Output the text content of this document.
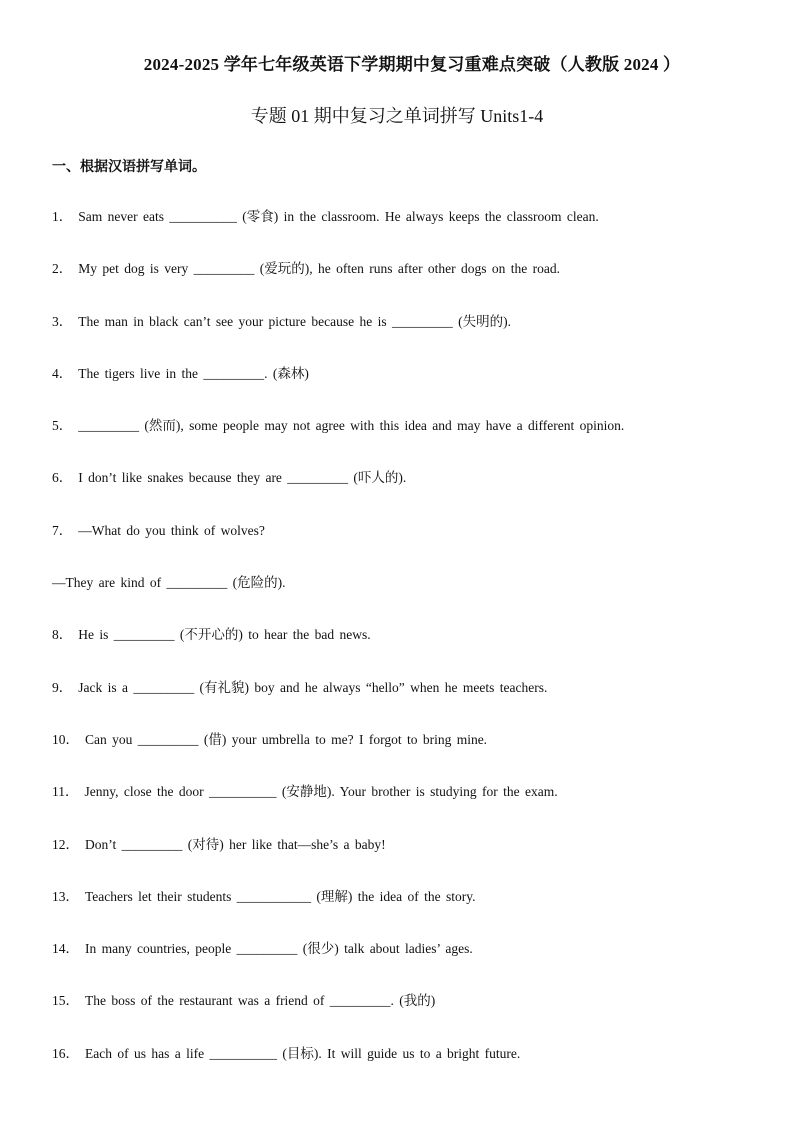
2024-2025 学年七年级英语下学期期中复习重难点突破（人教版 2024 ）
专题 01 期中复习之单词拼写 Units1-4
一、根据汉语拼写单词。
1． Sam never eats __________ (零食) in the classroom. He always keeps the classroom clean.
2． My pet dog is very _________ (爱玩的), he often runs after other dogs on the road.
3． The man in black can’t see your picture because he is _________ (失明的).
4． The tigers live in the _________. (森林)
5． _________ (然而), some people may not agree with this idea and may have a different opinion.
6． I don’t like snakes because they are _________ (吓人的).
7． —What do you think of wolves?
—They are kind of _________ (危险的).
8． He is _________ (不开心的) to hear the bad news.
9． Jack is a _________ (有礼貌) boy and he always “hello” when he meets teachers.
10． Can you _________ (借) your umbrella to me? I forgot to bring mine.
11． Jenny, close the door __________ (安静地). Your brother is studying for the exam.
12． Don’t _________ (对待) her like that—she’s a baby!
13． Teachers let their students ___________ (理解) the idea of the story.
14． In many countries, people _________ (很少) talk about ladies’ ages.
15． The boss of the restaurant was a friend of _________. (我的)
16． Each of us has a life __________ (目标). It will guide us to a bright future.
